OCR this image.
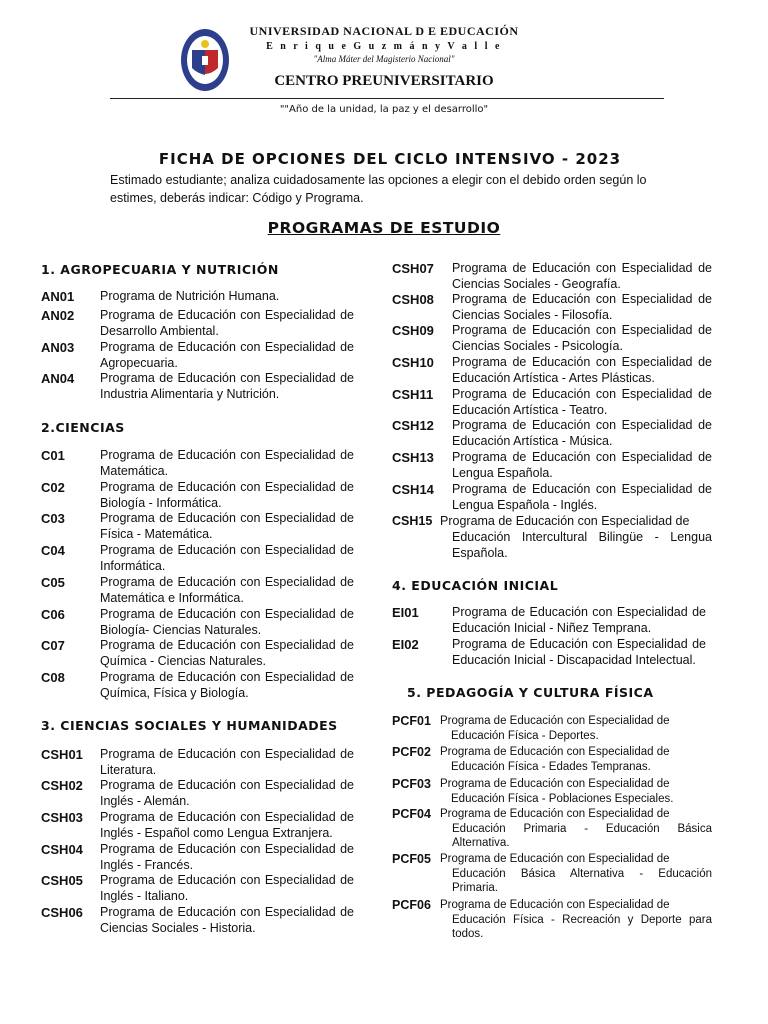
UNIVERSIDAD NACIONAL D E EDUCACIÓN
E n r i q u e G u z m á n y V a l l e
"Alma Máter del Magisterio Nacional"
CENTRO PREUNIVERSITARIO
""Año de la unidad, la paz y el desarrollo"
FICHA DE OPCIONES DEL CICLO INTENSIVO - 2023
Estimado estudiante; analiza cuidadosamente las opciones a elegir con el debido orden según lo estimes, deberás indicar: Código y Programa.
PROGRAMAS DE ESTUDIO
1. AGROPECUARIA Y NUTRICIÓN
AN01 Programa de Nutrición Humana.
AN02 Programa de Educación con Especialidad de Desarrollo Ambiental.
AN03 Programa de Educación con Especialidad de Agropecuaria.
AN04 Programa de Educación con Especialidad de Industria Alimentaria y Nutrición.
2.CIENCIAS
C01	Programa de Educación con Especialidad de Matemática.
C02	Programa de Educación con Especialidad de Biología - Informática.
C03	Programa de Educación con Especialidad de Física - Matemática.
C04	Programa de Educación con Especialidad de Informática.
C05	Programa de Educación con Especialidad de Matemática e Informática.
C06	Programa de Educación con Especialidad de Biología- Ciencias Naturales.
C07	Programa de Educación con Especialidad de Química - Ciencias Naturales.
C08	Programa de Educación con Especialidad de Química, Física y Biología.
3. CIENCIAS SOCIALES Y HUMANIDADES
CSH01 Programa de Educación con Especialidad de Literatura.
CSH02 Programa de Educación con Especialidad de Inglés - Alemán.
CSH03 Programa de Educación con Especialidad de Inglés - Español como Lengua Extranjera.
CSH04 Programa de Educación con Especialidad de Inglés - Francés.
CSH05 Programa de Educación con Especialidad de Inglés - Italiano.
CSH06 Programa de Educación con Especialidad de Ciencias Sociales - Historia.
CSH07 Programa de Educación con Especialidad de Ciencias Sociales - Geografía.
CSH08 Programa de Educación con Especialidad de Ciencias Sociales - Filosofía.
CSH09 Programa de Educación con Especialidad de Ciencias Sociales - Psicología.
CSH10 Programa de Educación con Especialidad de Educación Artística - Artes Plásticas.
CSH11 Programa de Educación con Especialidad de Educación Artística - Teatro.
CSH12 Programa de Educación con Especialidad de Educación Artística - Música.
CSH13 Programa de Educación con Especialidad de Lengua Española.
CSH14 Programa de Educación con Especialidad de Lengua Española - Inglés.
CSH15 Programa de Educación con Especialidad de
Educación Intercultural Bilingüe - Lengua Española.
4. EDUCACIÓN INICIAL
EI01	Programa de Educación con Especialidad de Educación Inicial - Niñez Temprana.
EI02	Programa de Educación con Especialidad de Educación Inicial - Discapacidad Intelectual.
5. PEDAGOGÍA Y CULTURA FÍSICA
PCF01 Programa de Educación con Especialidad de
Educación Física - Deportes.
PCF02 Programa de Educación con Especialidad de
Educación Física - Edades Tempranas.
PCF03 Programa de Educación con Especialidad de
Educación Física - Poblaciones Especiales.
PCF04 Programa de Educación con Especialidad de
Educación Primaria - Educación Básica Alternativa.
PCF05 Programa de Educación con Especialidad de
Educación Básica Alternativa - Educación Primaria.
PCF06 Programa de Educación con Especialidad de
Educación Física - Recreación y Deporte para todos.
